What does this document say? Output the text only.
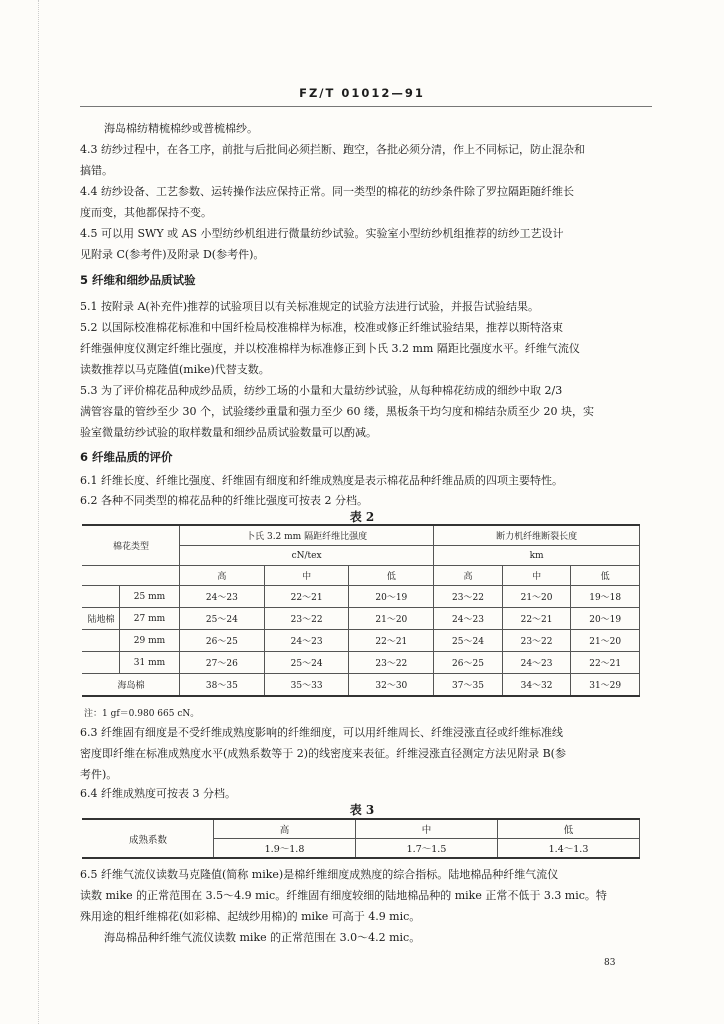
FZ/T 01012—91

海岛棉纺精梳棉纱或普梳棉纱。

4.3 纺纱过程中，在各工序，前批与后批间必须拦断、跑空，各批必须分清，作上不同标记，防止混杂和

搞错。

4.4 纺纱设备、工艺参数、运转操作法应保持正常。同一类型的棉花的纺纱条件除了罗拉隔距随纤维长

度而变，其他都保持不变。

4.5 可以用 SWY 或 AS 小型纺纱机组进行微量纺纱试验。实验室小型纺纱机组推荐的纺纱工艺设计

见附录 C(参考件)及附录 D(参考件)。

5 纤维和细纱品质试验

5.1 按附录 A(补充件)推荐的试验项目以有关标准规定的试验方法进行试验，并报告试验结果。

5.2 以国际校准棉花标准和中国纤检局校准棉样为标准，校准或修正纤维试验结果，推荐以斯特洛束

纤维强伸度仪测定纤维比强度，并以校准棉样为标准修正到卜氏 3.2 mm 隔距比强度水平。纤维气流仪

读数推荐以马克隆值(mike)代替支数。

5.3 为了评价棉花品种成纱品质，纺纱工场的小量和大量纺纱试验，从每种棉花纺成的细纱中取 2/3

满管容量的管纱至少 30 个，试验缕纱重量和强力至少 60 缕，黑板条干均匀度和棉结杂质至少 20 块，实

验室微量纺纱试验的取样数量和细纱品质试验数量可以酌减。

6 纤维品质的评价

6.1 纤维长度、纤维比强度、纤维固有细度和纤维成熟度是表示棉花品种纤维品质的四项主要特性。

6.2 各种不同类型的棉花品种的纤维比强度可按表 2 分档。

表 2

棉花类型	卜氏 3.2 mm 隔距纤维比强度			断力机纤维断裂长度		

	cN/tex			km		
	高	中	低	高	中	低

25 mm	24～23	22～21	20～19	23～22	21～20	19～18

陆地棉 27 mm	25～24	23～22	21～20	24～23	22～21	20～19

29 mm	26～25	24～23	22～21	25～24	23～22	21～20

31 mm	27～26	25～24	23～22	26～25	24～23	22～21
海岛棉	38～35	35～33	32～30	37～35	34～32	31～29

注：1 gf＝0.980 665 cN。

6.3 纤维固有细度是不受纤维成熟度影响的纤维细度，可以用纤维周长、纤维浸涨直径或纤维标准线

密度即纤维在标准成熟度水平(成熟系数等于 2)的线密度来表征。纤维浸涨直径测定方法见附录 B(参

考件)。

6.4 纤维成熟度可按表 3 分档。

表 3

成熟系数	高	中	低
	1.9～1.8	1.7～1.5	1.4～1.3

6.5 纤维气流仪读数马克隆值(简称 mike)是棉纤维细度成熟度的综合指标。陆地棉品种纤维气流仪

读数 mike 的正常范围在 3.5～4.9 mic。纤维固有细度较细的陆地棉品种的 mike 正常不低于 3.3 mic。特

殊用途的粗纤维棉花(如彩棉、起绒纱用棉)的 mike 可高于 4.9 mic。

海岛棉品种纤维气流仪读数 mike 的正常范围在 3.0～4.2 mic。

83
